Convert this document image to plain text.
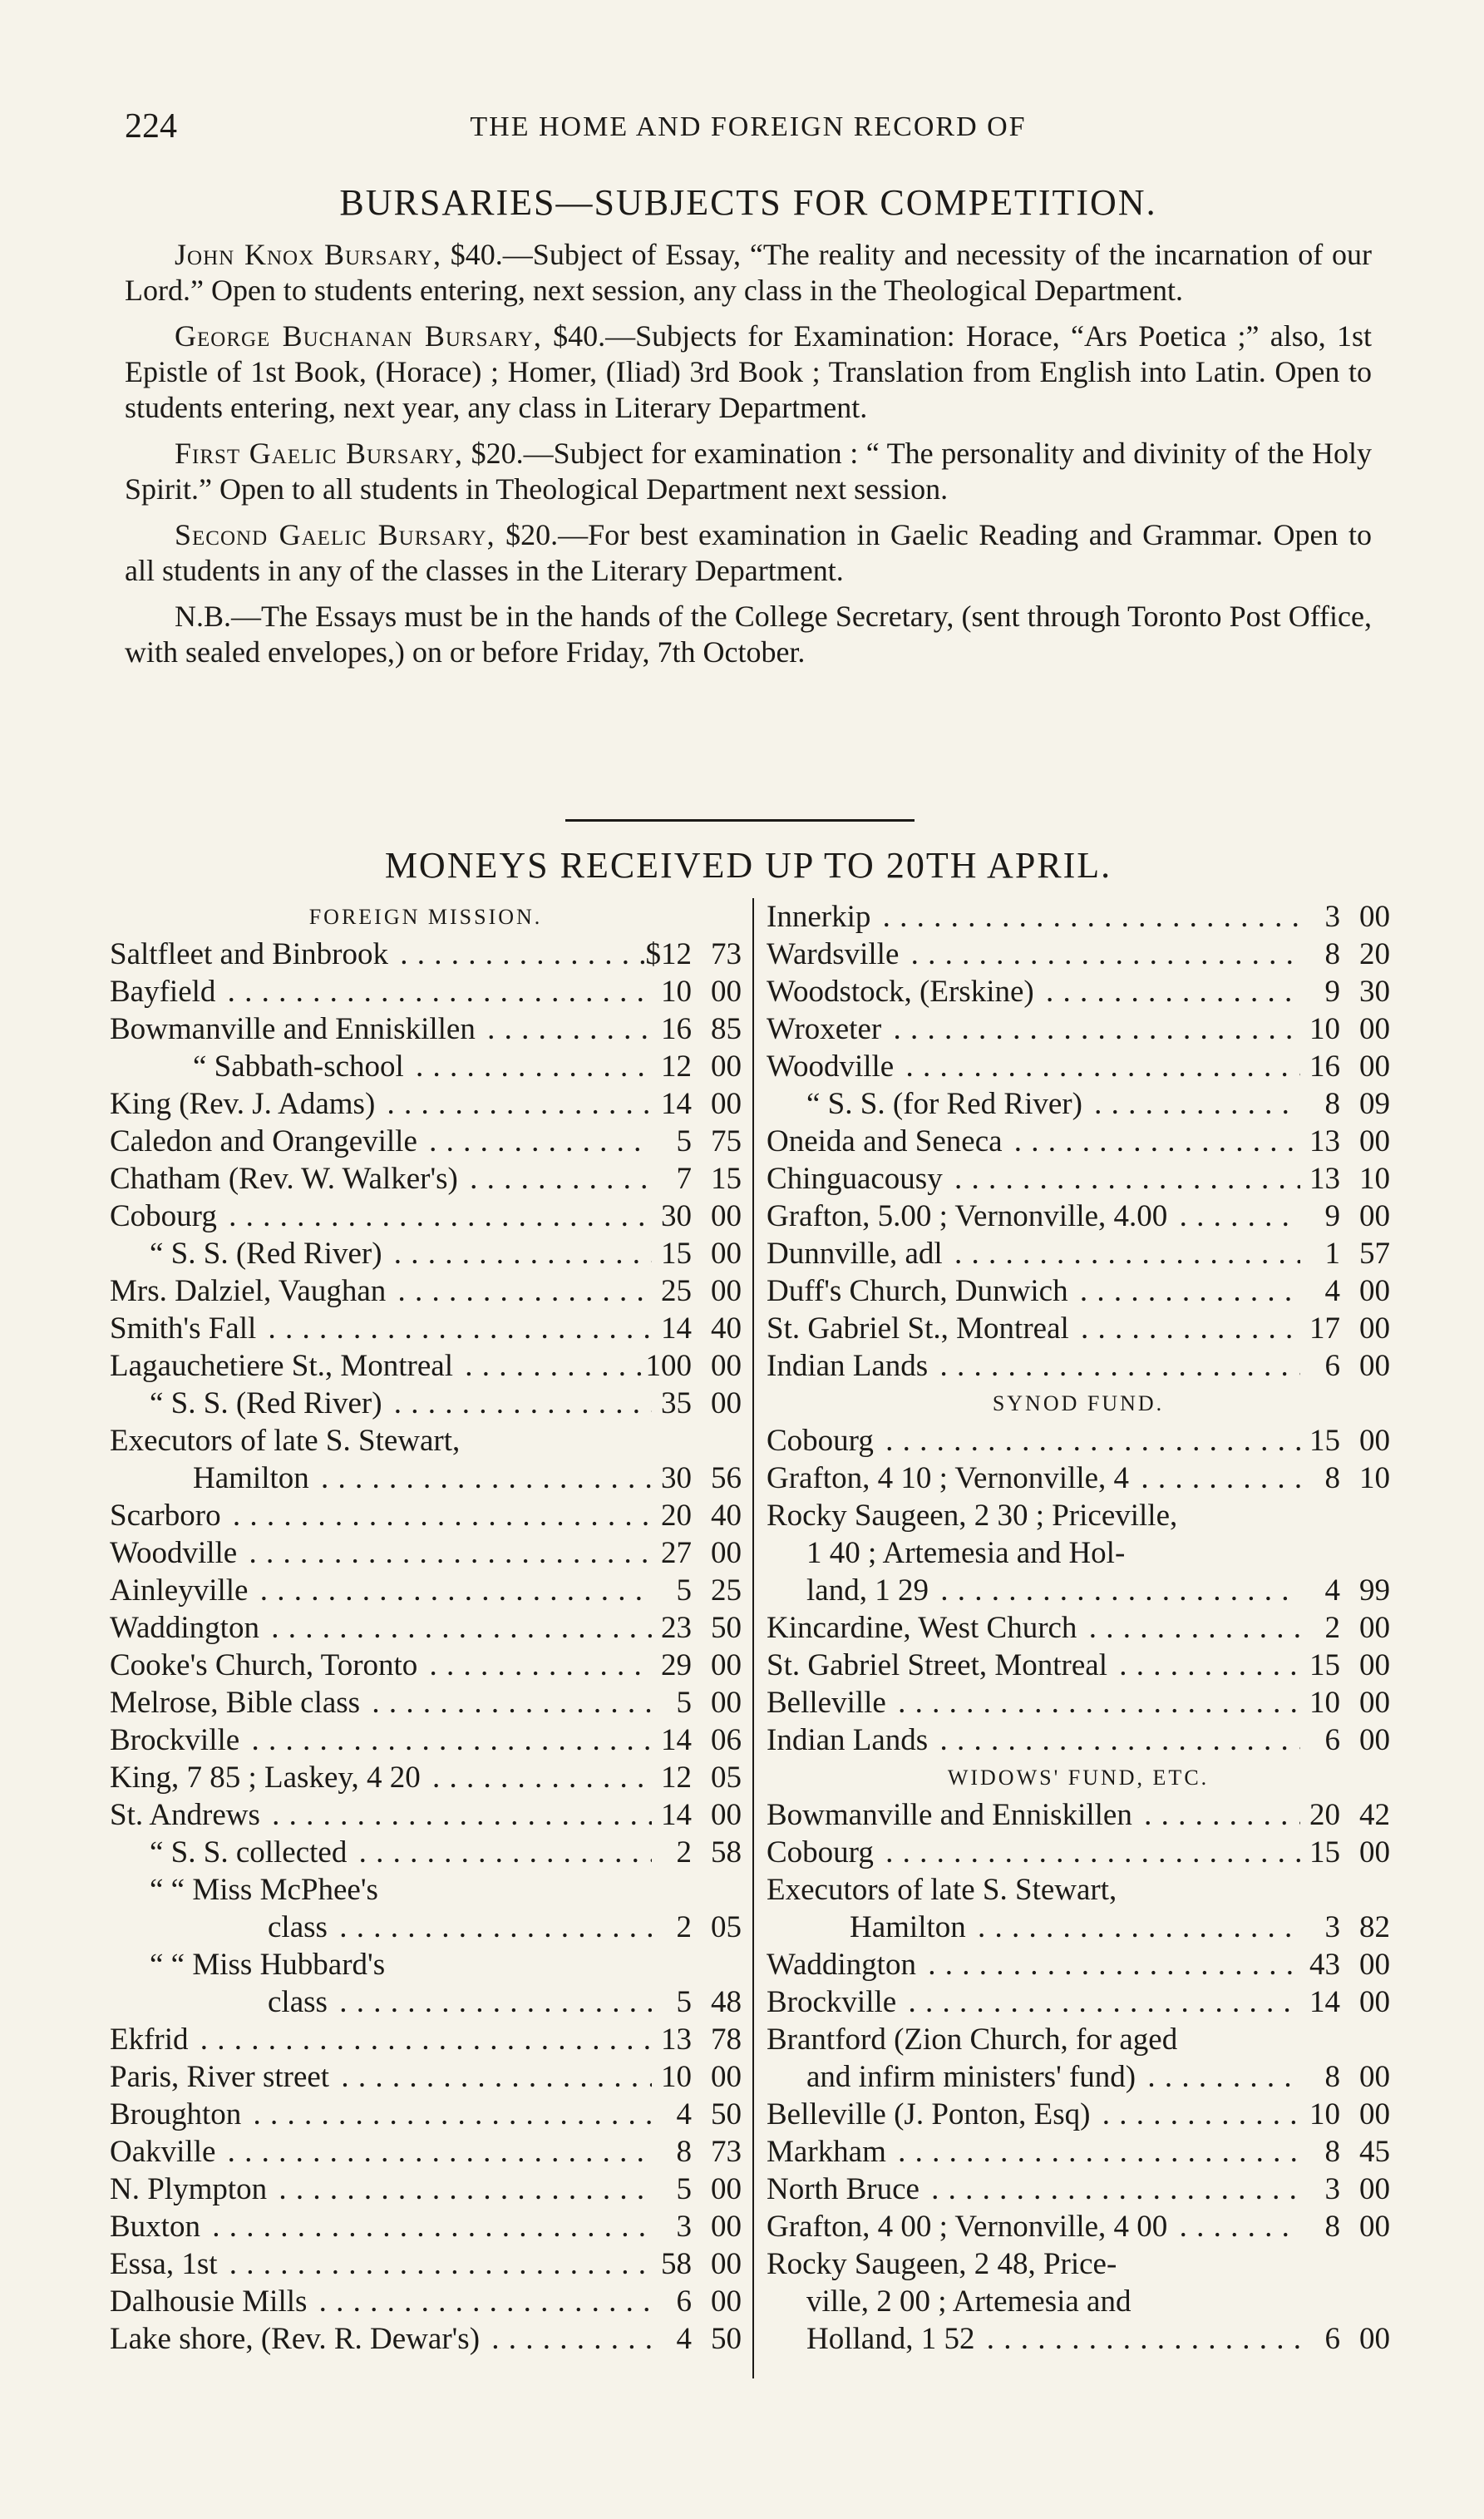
224	THE HOME AND FOREIGN RECORD OF
BURSARIES—SUBJECTS FOR COMPETITION.

John Knox Bursary, $40.—Subject of Essay, “The reality and necessity of the incarnation of our Lord.” Open to students entering, next session, any class in the Theological Department.

George Buchanan Bursary, $40.—Subjects for Examination: Horace, “Ars Poetica ;” also, 1st Epistle of 1st Book, (Horace) ; Homer, (Iliad) 3rd Book ; Translation from English into Latin. Open to students entering, next year, any class in Literary Department.

First Gaelic Bursary, $20.—Subject for examination : “ The personality and divinity of the Holy Spirit.” Open to all students in Theological Department next session.

Second Gaelic Bursary, $20.—For best examination in Gaelic Reading and Grammar. Open to all students in any of the classes in the Literary Department.

N.B.—The Essays must be in the hands of the College Secretary, (sent through Toronto Post Office, with sealed envelopes,) on or before Friday, 7th October.

MONEYS RECEIVED UP TO 20TH APRIL.
FOREIGN MISSION.
Saltfleet and Binbrook . . .	$12 73
Bayfield . . .	10 00
Bowmanville and Enniskillen . . .	16 85
“ Sabbath-school . . .	12 00
King (Rev. J. Adams) . . .	14 00
Caledon and Orangeville . . .	5 75
Chatham (Rev. W. Walker's) . . .	7 15
Cobourg . . .	30 00
“ S. S. (Red River) . . .	15 00
Mrs. Dalziel, Vaughan . . .	25 00
Smith's Fall . . .	14 40
Lagauchetiere St., Montreal . . .	100 00
“ S. S. (Red River) . . .	35 00
Executors of late S. Stewart,
Hamilton . . .	30 56
Scarboro . . .	20 40
Woodville . . .	27 00
Ainleyville . . .	5 25
Waddington . . .	23 50
Cooke's Church, Toronto . . .	29 00
Melrose, Bible class . . .	5 00
Brockville . . .	14 06
King, 7 85 ; Laskey, 4 20 . . .	12 05
St. Andrews . . .	14 00
“ S. S. collected . . .	2 58
“ “ Miss McPhee's
class . . .	2 05
“ “ Miss Hubbard's
class . . .	5 48
Ekfrid . . .	13 78
Paris, River street . . .	10 00
Broughton . . .	4 50
Oakville . . .	8 73
N. Plympton . . .	5 00
Buxton . . .	3 00
Essa, 1st . . .	58 00
Dalhousie Mills . . .	6 00
Lake shore, (Rev. R. Dewar's) . . .	4 50
Innerkip . . .	3 00
Wardsville . . .	8 20
Woodstock, (Erskine) . . .	9 30
Wroxeter . . .	10 00
Woodville . . .	16 00
“ S. S. (for Red River) . . .	8 09
Oneida and Seneca . . .	13 00
Chinguacousy . . .	13 10
Grafton, 5.00 ; Vernonville, 4.00 . . .	9 00
Dunnville, adl . . .	1 57
Duff's Church, Dunwich . . .	4 00
St. Gabriel St., Montreal . . .	17 00
Indian Lands . . .	6 00
SYNOD FUND.
Cobourg . . .	15 00
Grafton, 4 10 ; Vernonville, 4 . . .	8 10
Rocky Saugeen, 2 30 ; Priceville,
1 40 ; Artemesia and Hol-
land, 1 29 . . .	4 99
Kincardine, West Church . . .	2 00
St. Gabriel Street, Montreal . . .	15 00
Belleville . . .	10 00
Indian Lands . . .	6 00
WIDOWS' FUND, ETC.
Bowmanville and Enniskillen . . .	20 42
Cobourg . . .	15 00
Executors of late S. Stewart,
Hamilton . . .	3 82
Waddington . . .	43 00
Brockville . . .	14 00
Brantford (Zion Church, for aged
and infirm ministers' fund) . . .	8 00
Belleville (J. Ponton, Esq) . . .	10 00
Markham . . .	8 45
North Bruce . . .	3 00
Grafton, 4 00 ; Vernonville, 4 00 . . .	8 00
Rocky Saugeen, 2 48, Price-
ville, 2 00 ; Artemesia and
Holland, 1 52 . . .	6 00
